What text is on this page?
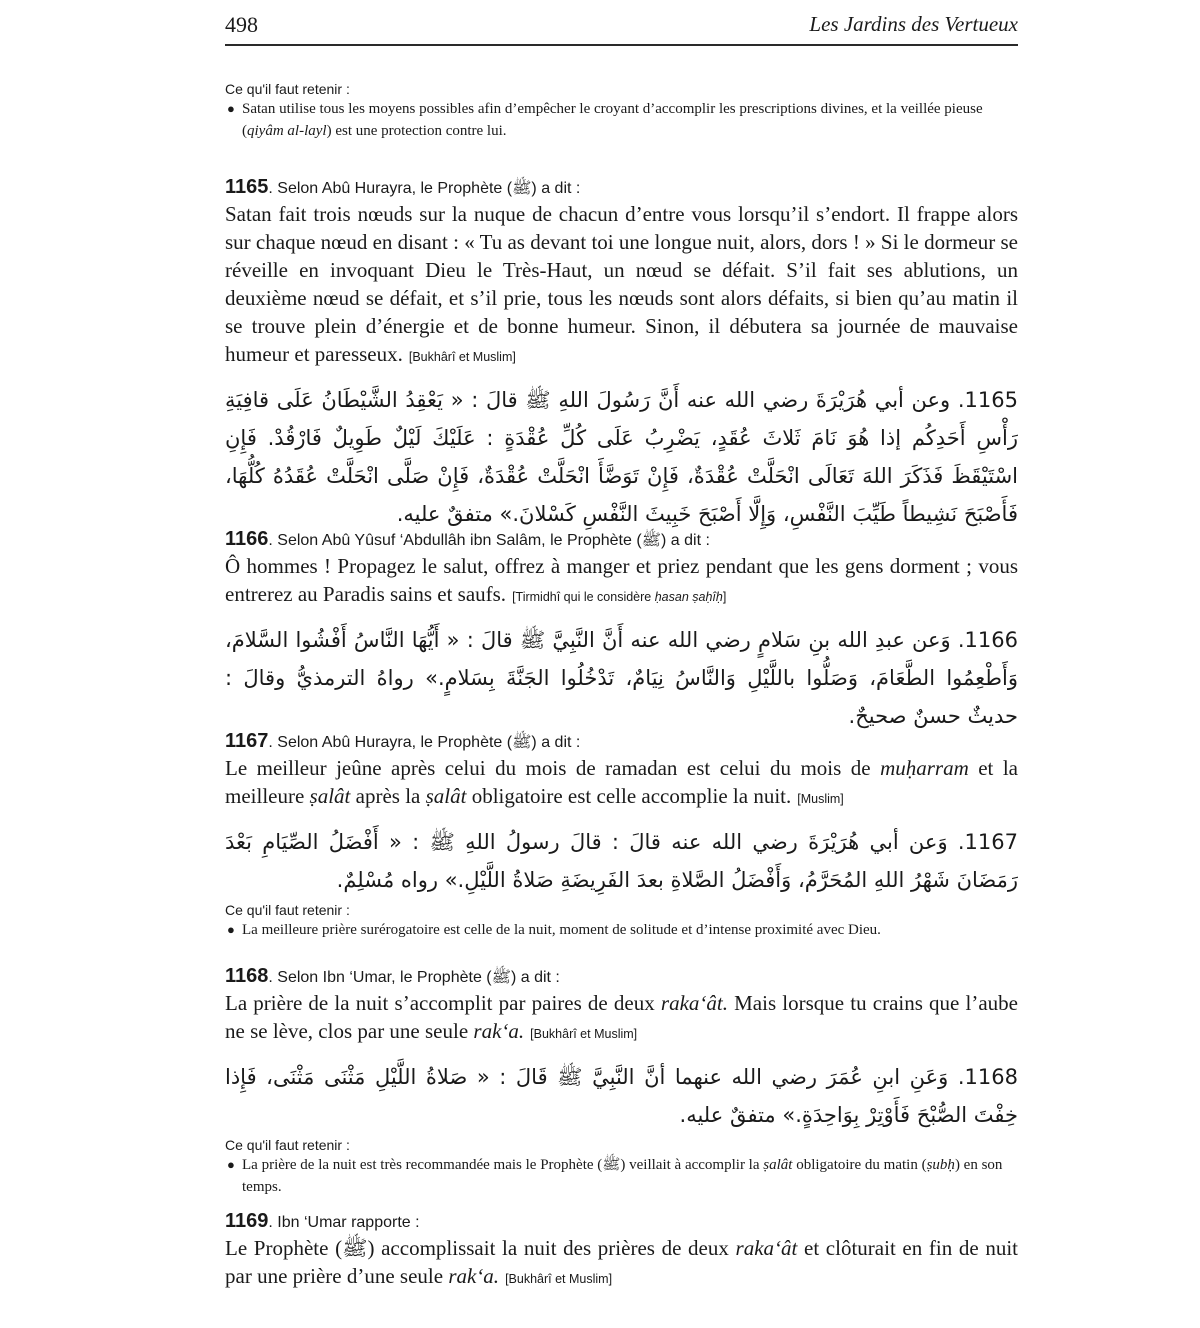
498	Les Jardins des Vertueux

Ce qu'il faut retenir :

● Satan utilise tous les moyens possibles afin d’empêcher le croyant d’accomplir les prescriptions divines, et la veillée pieuse (qiyâm al-layl) est une protection contre lui.

1165. Selon Abû Hurayra, le Prophète (ﷺ) a dit :

Satan fait trois nœuds sur la nuque de chacun d’entre vous lorsqu’il s’endort. Il frappe alors sur chaque nœud en disant : « Tu as devant toi une longue nuit, alors, dors ! » Si le dormeur se réveille en invoquant Dieu le Très-Haut, un nœud se défait. S’il fait ses ablutions, un deuxième nœud se défait, et s’il prie, tous les nœuds sont alors défaits, si bien qu’au matin il se trouve plein d’énergie et de bonne humeur. Sinon, il débutera sa journée de mauvaise humeur et paresseux. [Bukhârî et Muslim]

1165. وعن أبي هُرَيْرَةَ رضي الله عنه أَنَّ رَسُولَ اللهِ ﷺ قالَ : « يَعْقِدُ الشَّيْطَانُ عَلَى قافِيَةِ رَأْسِ أَحَدِكُم إذا هُوَ نَامَ ثَلاثَ عُقَدٍ، يَضْرِبُ عَلَى كُلِّ عُقْدَةٍ : عَلَيْكَ لَيْلٌ طَوِيلٌ فَارْقُدْ. فَإِنِ اسْتَيْقَظَ فَذَكَرَ اللهَ تَعَالَى انْحَلَّتْ عُقْدَةٌ، فَإِنْ تَوَضَّأَ انْحَلَّتْ عُقْدَةٌ، فَإِنْ صَلَّى انْحَلَّتْ عُقَدُهُ كُلُّهَا، فَأَصْبَحَ نَشِيطاً طَيِّبَ النَّفْسِ، وَإِلَّا أَصْبَحَ خَبِيثَ النَّفْسِ كَسْلانَ.» متفقٌ عليه.

1166. Selon Abû Yûsuf ‘Abdullâh ibn Salâm, le Prophète (ﷺ) a dit :

Ô hommes ! Propagez le salut, offrez à manger et priez pendant que les gens dorment ; vous entrerez au Paradis sains et saufs. [Tirmidhî qui le considère ḥasan ṣaḥîḥ]

1166. وَعن عبدِ الله بنِ سَلامٍ رضي الله عنه أَنَّ النَّبِيَّ ﷺ قالَ : « أَيُّهَا النَّاسُ أَفْشُوا السَّلامَ، وَأَطْعِمُوا الطَّعَامَ، وَصَلُّوا باللَّيْلِ وَالنَّاسُ نِيَامٌ، تَدْخُلُوا الجَنَّةَ بِسَلامٍ.» رواهُ الترمذيُّ وقالَ : حديثٌ حسنٌ صحيحٌ.

1167. Selon Abû Hurayra, le Prophète (ﷺ) a dit :

Le meilleur jeûne après celui du mois de ramadan est celui du mois de muḥarram et la meilleure ṣalât après la ṣalât obligatoire est celle accomplie la nuit. [Muslim]

1167. وَعن أبي هُرَيْرَةَ رضي الله عنه قالَ : قالَ رسولُ اللهِ ﷺ : « أَفْضَلُ الصِّيَامِ بَعْدَ رَمَضَانَ شَهْرُ اللهِ المُحَرَّمُ، وَأَفْضَلُ الصَّلاةِ بعدَ الفَرِيضَةِ صَلاةُ اللَّيْلِ.» رواه مُسْلِمٌ.

Ce qu'il faut retenir :

● La meilleure prière surérogatoire est celle de la nuit, moment de solitude et d’intense proximité avec Dieu.

1168. Selon Ibn ‘Umar, le Prophète (ﷺ) a dit :

La prière de la nuit s’accomplit par paires de deux raka‘ât. Mais lorsque tu crains que l’aube ne se lève, clos par une seule rak‘a. [Bukhârî et Muslim]

1168. وَعَنِ ابنِ عُمَرَ رضي الله عنهما أنَّ النَّبِيَّ ﷺ قَالَ : « صَلاةُ اللَّيْلِ مَثْنَى مَثْنَى، فَإِذا خِفْتَ الصُّبْحَ فَأَوْتِرْ بِوَاحِدَةٍ.» متفقٌ عليه.

Ce qu'il faut retenir :

● La prière de la nuit est très recommandée mais le Prophète (ﷺ) veillait à accomplir la ṣalât obligatoire du matin (ṣubḥ) en son temps.

1169. Ibn ‘Umar rapporte :

Le Prophète (ﷺ) accomplissait la nuit des prières de deux raka‘ât et clôturait en fin de nuit par une prière d’une seule rak‘a. [Bukhârî et Muslim]
